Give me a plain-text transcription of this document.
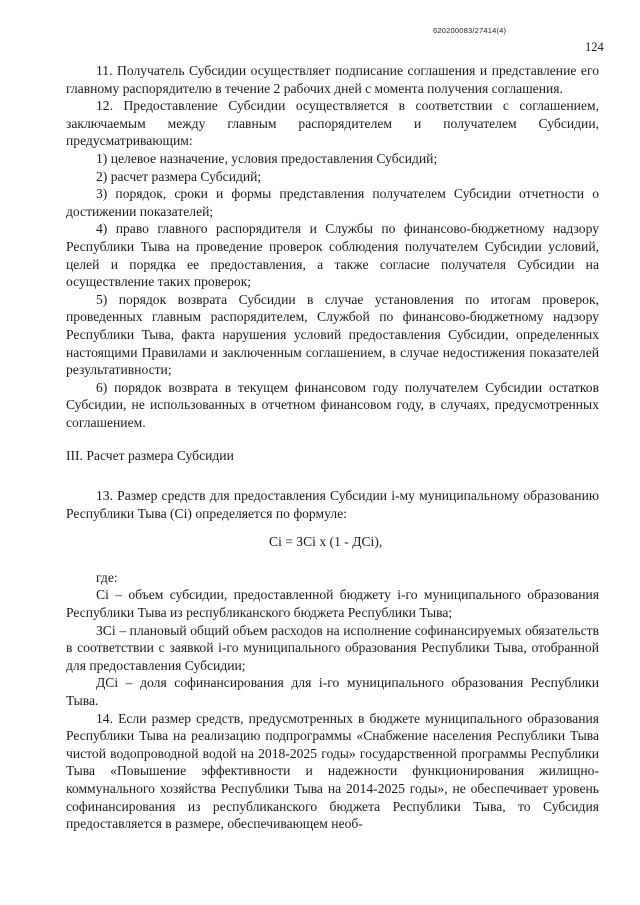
620200083/27414(4)
124

11. Получатель Субсидии осуществляет подписание соглашения и представление его главному распорядителю в течение 2 рабочих дней с момента получения соглашения.

12. Предоставление Субсидии осуществляется в соответствии с соглашением, заключаемым между главным распорядителем и получателем Субсидии, предусматривающим:

1) целевое назначение, условия предоставления Субсидий;

2) расчет размера Субсидий;

3) порядок, сроки и формы представления получателем Субсидии отчетности о достижении показателей;

4) право главного распорядителя и Службы по финансово-бюджетному надзору Республики Тыва на проведение проверок соблюдения получателем Субсидии условий, целей и порядка ее предоставления, а также согласие получателя Субсидии на осуществление таких проверок;

5) порядок возврата Субсидии в случае установления по итогам проверок, проведенных главным распорядителем, Службой по финансово-бюджетному надзору Республики Тыва, факта нарушения условий предоставления Субсидии, определенных настоящими Правилами и заключенным соглашением, в случае недостижения показателей результативности;

6) порядок возврата в текущем финансовом году получателем Субсидии остатков Субсидии, не использованных в отчетном финансовом году, в случаях, предусмотренных соглашением.

III. Расчет размера Субсидии

13. Размер средств для предоставления Субсидии i-му муниципальному образованию Республики Тыва (Ci) определяется по формуле:

Ci = ЗCi x (1 - ДCi),

где:

Ci – объем субсидии, предоставленной бюджету i-го муниципального образования Республики Тыва из республиканского бюджета Республики Тыва;

ЗCi – плановый общий объем расходов на исполнение софинансируемых обязательств в соответствии с заявкой i-го муниципального образования Республики Тыва, отобранной для предоставления Субсидии;

ДCi – доля софинансирования для i-го муниципального образования Республики Тыва.

14. Если размер средств, предусмотренных в бюджете муниципального образования Республики Тыва на реализацию подпрограммы «Снабжение населения Республики Тыва чистой водопроводной водой на 2018-2025 годы» государственной программы Республики Тыва «Повышение эффективности и надежности функционирования жилищно-коммунального хозяйства Республики Тыва на 2014-2025 годы», не обеспечивает уровень софинансирования из республиканского бюджета Республики Тыва, то Субсидия предоставляется в размере, обеспечивающем необ-
